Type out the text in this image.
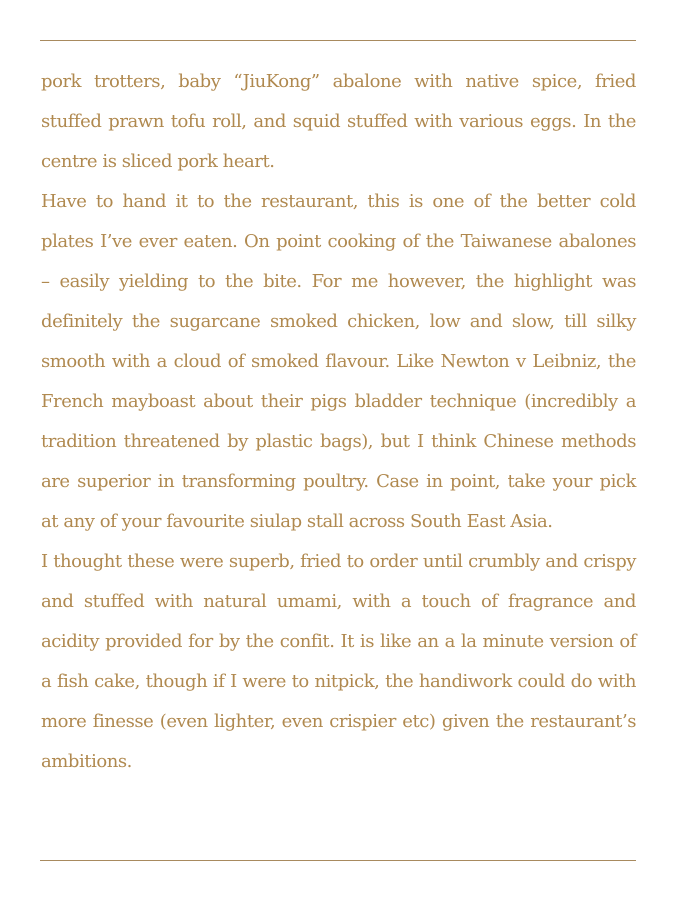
pork trotters, baby “JiuKong” abalone with native spice, fried stuffed prawn tofu roll, and squid stuffed with various eggs. In the centre is sliced pork heart.

Have to hand it to the restaurant, this is one of the better cold plates I’ve ever eaten. On point cooking of the Taiwanese abalones – easily yielding to the bite. For me however, the highlight was definitely the sugarcane smoked chicken, low and slow, till silky smooth with a cloud of smoked flavour. Like Newton v Leibniz, the French mayboast about their pigs bladder technique (incredibly a tradition threatened by plastic bags), but I think Chinese methods are superior in transforming poultry. Case in point, take your pick at any of your favourite siulap stall across South East Asia.

I thought these were superb, fried to order until crumbly and crispy and stuffed with natural umami, with a touch of fragrance and acidity provided for by the confit. It is like an a la minute version of a fish cake, though if I were to nitpick, the handiwork could do with more finesse (even lighter, even crispier etc) given the restaurant’s ambitions.
